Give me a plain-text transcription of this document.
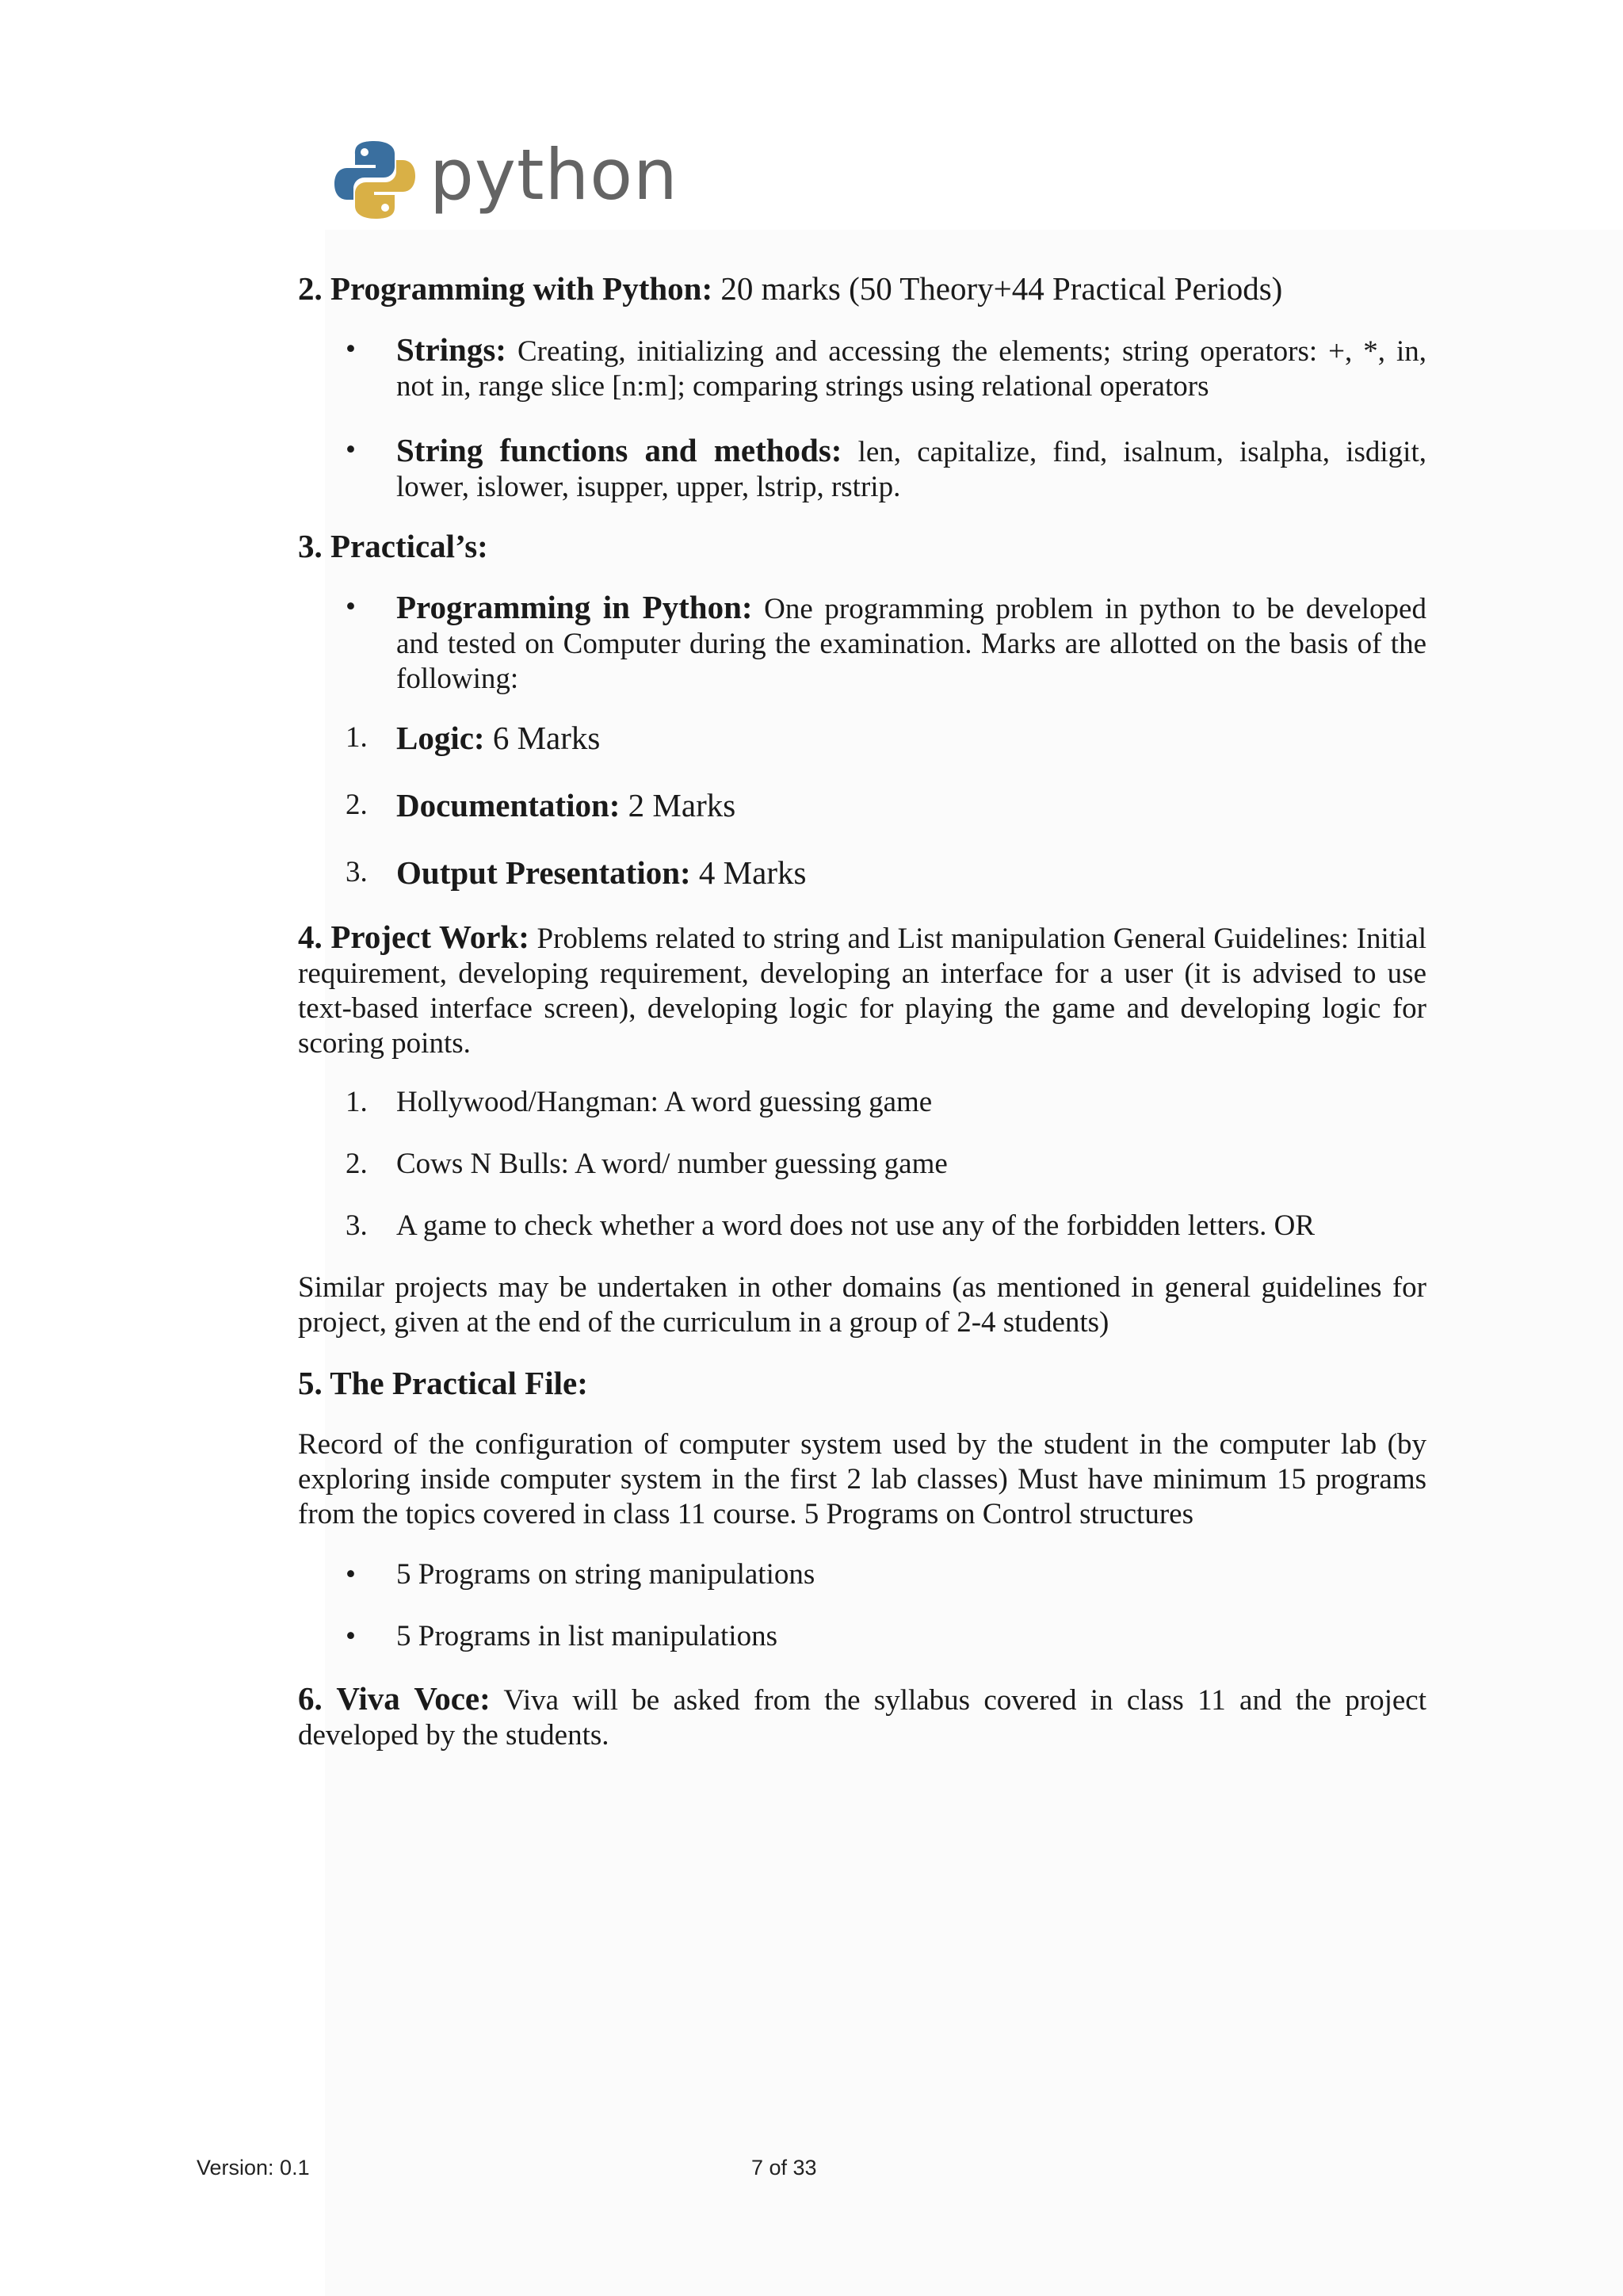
python

2. Programming with Python: 20 marks (50 Theory+44 Practical Periods)

• Strings: Creating, initializing and accessing the elements; string operators: +, *, in, not in, range slice [n:m]; comparing strings using relational operators
• String functions and methods: len, capitalize, find, isalnum, isalpha, isdigit, lower, islower, isupper, upper, lstrip, rstrip.

3. Practical’s:

• Programming in Python: One programming problem in python to be developed and tested on Computer during the examination. Marks are allotted on the basis of the following:
1. Logic: 6 Marks
2. Documentation: 2 Marks
3. Output Presentation: 4 Marks

4. Project Work: Problems related to string and List manipulation General Guidelines: Initial requirement, developing requirement, developing an interface for a user (it is advised to use text-based interface screen), developing logic for playing the game and developing logic for scoring points.

1. Hollywood/Hangman: A word guessing game
2. Cows N Bulls: A word/ number guessing game
3. A game to check whether a word does not use any of the forbidden letters. OR

Similar projects may be undertaken in other domains (as mentioned in general guidelines for project, given at the end of the curriculum in a group of 2-4 students)

5. The Practical File:

Record of the configuration of computer system used by the student in the computer lab (by exploring inside computer system in the first 2 lab classes) Must have minimum 15 programs from the topics covered in class 11 course. 5 Programs on Control structures

• 5 Programs on string manipulations
• 5 Programs in list manipulations

6. Viva Voce: Viva will be asked from the syllabus covered in class 11 and the project developed by the students.

Version: 0.1	7 of 33
